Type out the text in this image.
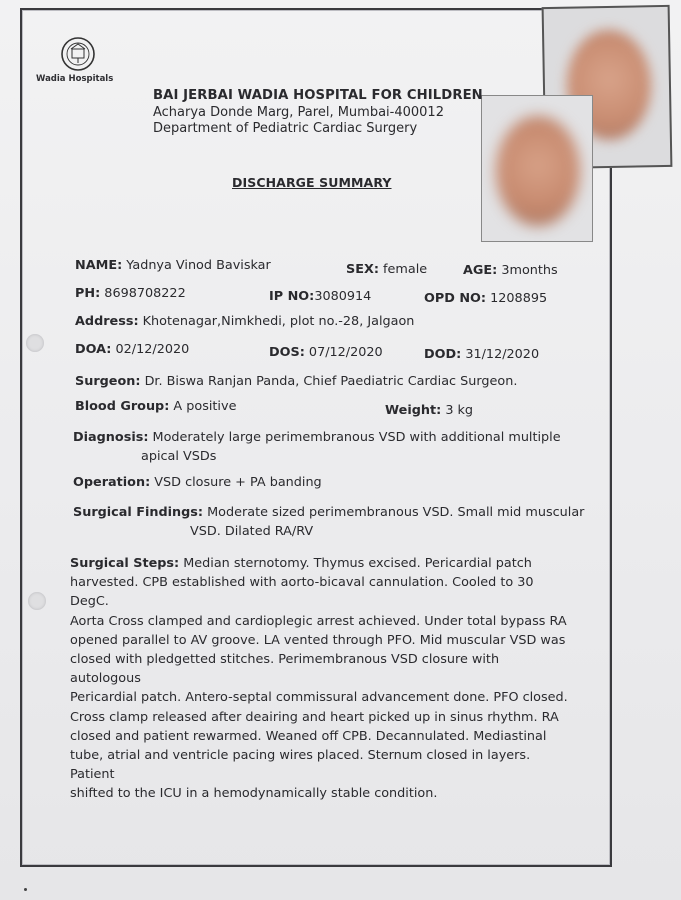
Wadia Hospitals
BAI JERBAI WADIA HOSPITAL FOR CHILDREN
Acharya Donde Marg, Parel, Mumbai-400012
Department of Pediatric Cardiac Surgery
DISCHARGE SUMMARY
NAME: Yadnya Vinod Baviskar	SEX: female	AGE: 3months
PH: 8698708222	IP NO:3080914	OPD NO: 1208895
Address: Khotenagar,Nimkhedi, plot no.-28, Jalgaon
DOA: 02/12/2020	DOS: 07/12/2020	DOD: 31/12/2020
Surgeon: Dr. Biswa Ranjan Panda, Chief Paediatric Cardiac Surgeon.
Blood Group: A positive	Weight: 3 kg
Diagnosis: Moderately large perimembranous VSD with additional multiple
apical VSDs
Operation: VSD closure + PA banding
Surgical Findings: Moderate sized perimembranous VSD. Small mid muscular
VSD. Dilated RA/RV
Surgical Steps: Median sternotomy. Thymus excised. Pericardial patch
harvested. CPB established with aorto-bicaval cannulation. Cooled to 30 DegC.
Aorta Cross clamped and cardioplegic arrest achieved. Under total bypass RA
opened parallel to AV groove. LA vented through PFO. Mid muscular VSD was
closed with pledgetted stitches. Perimembranous VSD closure with autologous
Pericardial patch. Antero-septal commissural advancement done. PFO closed.
Cross clamp released after deairing and heart picked up in sinus rhythm. RA
closed and patient rewarmed. Weaned off CPB. Decannulated. Mediastinal
tube, atrial and ventricle pacing wires placed. Sternum closed in layers. Patient
shifted to the ICU in a hemodynamically stable condition.
